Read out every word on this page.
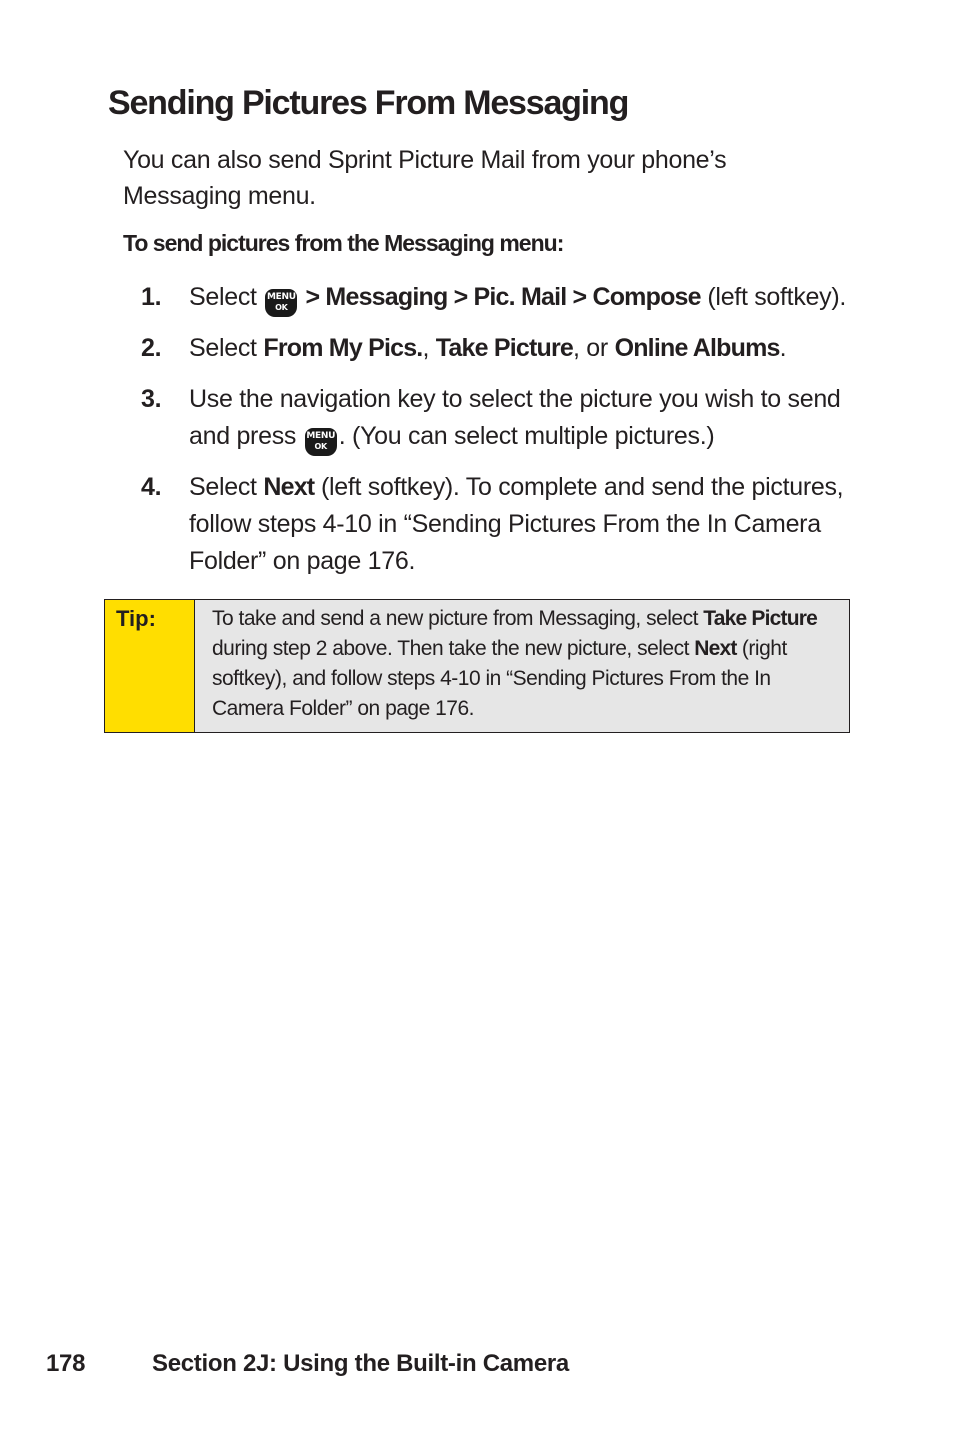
Sending Pictures From Messaging

You can also send Sprint Picture Mail from your phone’s Messaging menu.

To send pictures from the Messaging menu:

1. Select MENU
OK > Messaging > Pic. Mail > Compose (left softkey).
2. Select From My Pics., Take Picture, or Online Albums.
3. Use the navigation key to select the picture you wish to send and press MENU
OK . (You can select multiple pictures.)
4. Select Next (left softkey). To complete and send the pictures, follow steps 4-10 in “Sending Pictures From the In Camera Folder” on page 176.
Tip:	To take and send a new picture from Messaging, select Take Picture during step 2 above. Then take the new picture, select Next (right softkey), and follow steps 4-10 in “Sending Pictures From the In Camera Folder” on page 176.
178	Section 2J: Using the Built-in Camera
